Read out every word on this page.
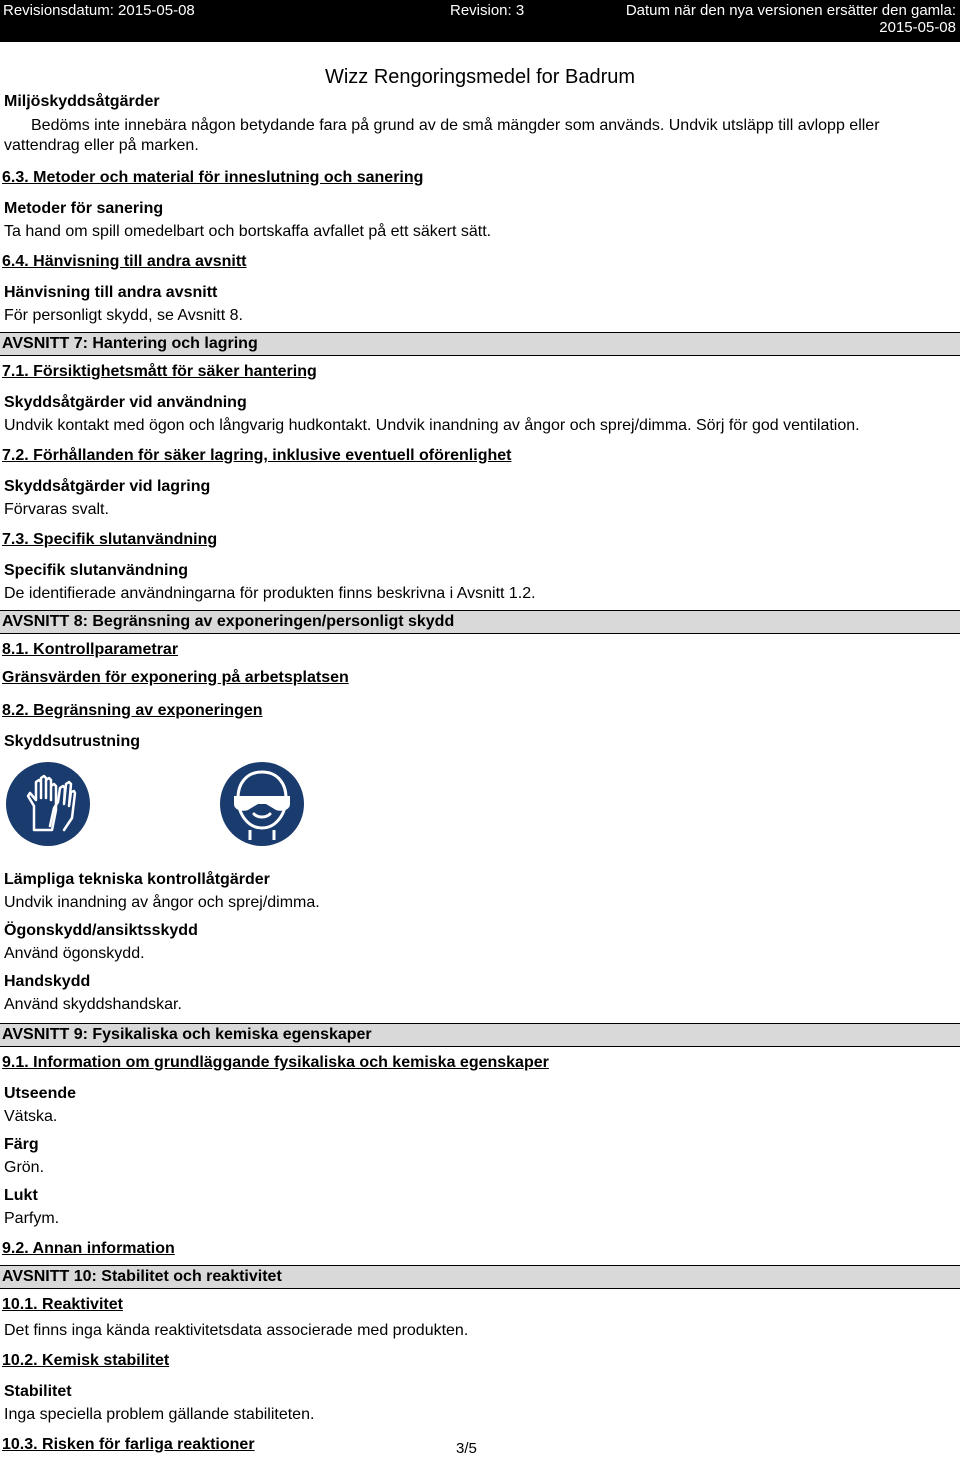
Revisionsdatum: 2015-05-08	Revision: 3	Datum när den nya versionen ersätter den gamla:
2015-05-08
Wizz Rengoringsmedel for Badrum

Miljöskyddsåtgärder

Bedöms inte innebära någon betydande fara på grund av de små mängder som används. Undvik utsläpp till avlopp eller

vattendrag eller på marken.

6.3. Metoder och material för inneslutning och sanering

Metoder för sanering

Ta hand om spill omedelbart och bortskaffa avfallet på ett säkert sätt.

6.4. Hänvisning till andra avsnitt

Hänvisning till andra avsnitt

För personligt skydd, se Avsnitt 8.

AVSNITT 7: Hantering och lagring

7.1. Försiktighetsmått för säker hantering

Skyddsåtgärder vid användning

Undvik kontakt med ögon och långvarig hudkontakt. Undvik inandning av ångor och sprej/dimma. Sörj för god ventilation.

7.2. Förhållanden för säker lagring, inklusive eventuell oförenlighet

Skyddsåtgärder vid lagring

Förvaras svalt.

7.3. Specifik slutanvändning

Specifik slutanvändning

De identifierade användningarna för produkten finns beskrivna i Avsnitt 1.2.

AVSNITT 8: Begränsning av exponeringen/personligt skydd

8.1. Kontrollparametrar

Gränsvärden för exponering på arbetsplatsen

8.2. Begränsning av exponeringen

Skyddsutrustning

Lämpliga tekniska kontrollåtgärder

Undvik inandning av ångor och sprej/dimma.

Ögonskydd/ansiktsskydd

Använd ögonskydd.

Handskydd

Använd skyddshandskar.

AVSNITT 9: Fysikaliska och kemiska egenskaper

9.1. Information om grundläggande fysikaliska och kemiska egenskaper

Utseende

Vätska.

Färg

Grön.

Lukt

Parfym.

9.2. Annan information

AVSNITT 10: Stabilitet och reaktivitet

10.1. Reaktivitet

Det finns inga kända reaktivitetsdata associerade med produkten.

10.2. Kemisk stabilitet

Stabilitet

Inga speciella problem gällande stabiliteten.

10.3. Risken för farliga reaktioner	3/5
